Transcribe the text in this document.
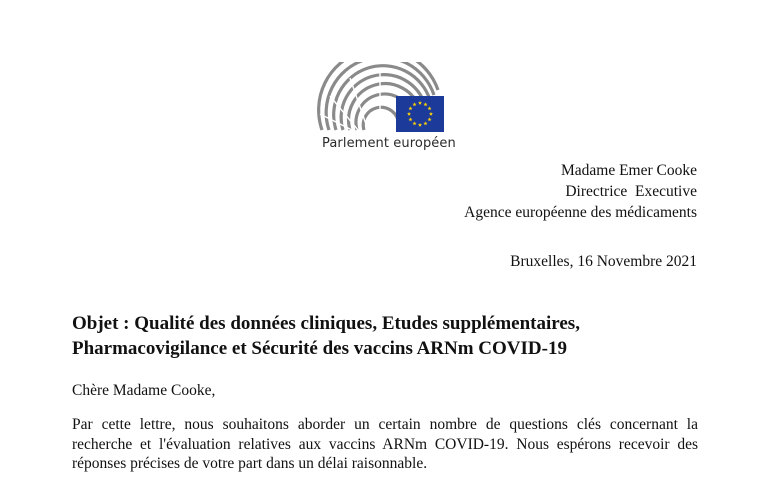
Parlement européen
Madame Emer Cooke
Directrice  Executive
Agence européenne des médicaments
Bruxelles, 16 Novembre 2021
Objet : Qualité des données cliniques, Etudes supplémentaires,
Pharmacovigilance et Sécurité des vaccins ARNm COVID-19
Chère Madame Cooke,
Par cette lettre, nous souhaitons aborder un certain nombre de questions clés concernant la
recherche et l'évaluation relatives aux vaccins ARNm COVID-19. Nous espérons recevoir des
réponses précises de votre part dans un délai raisonnable.
